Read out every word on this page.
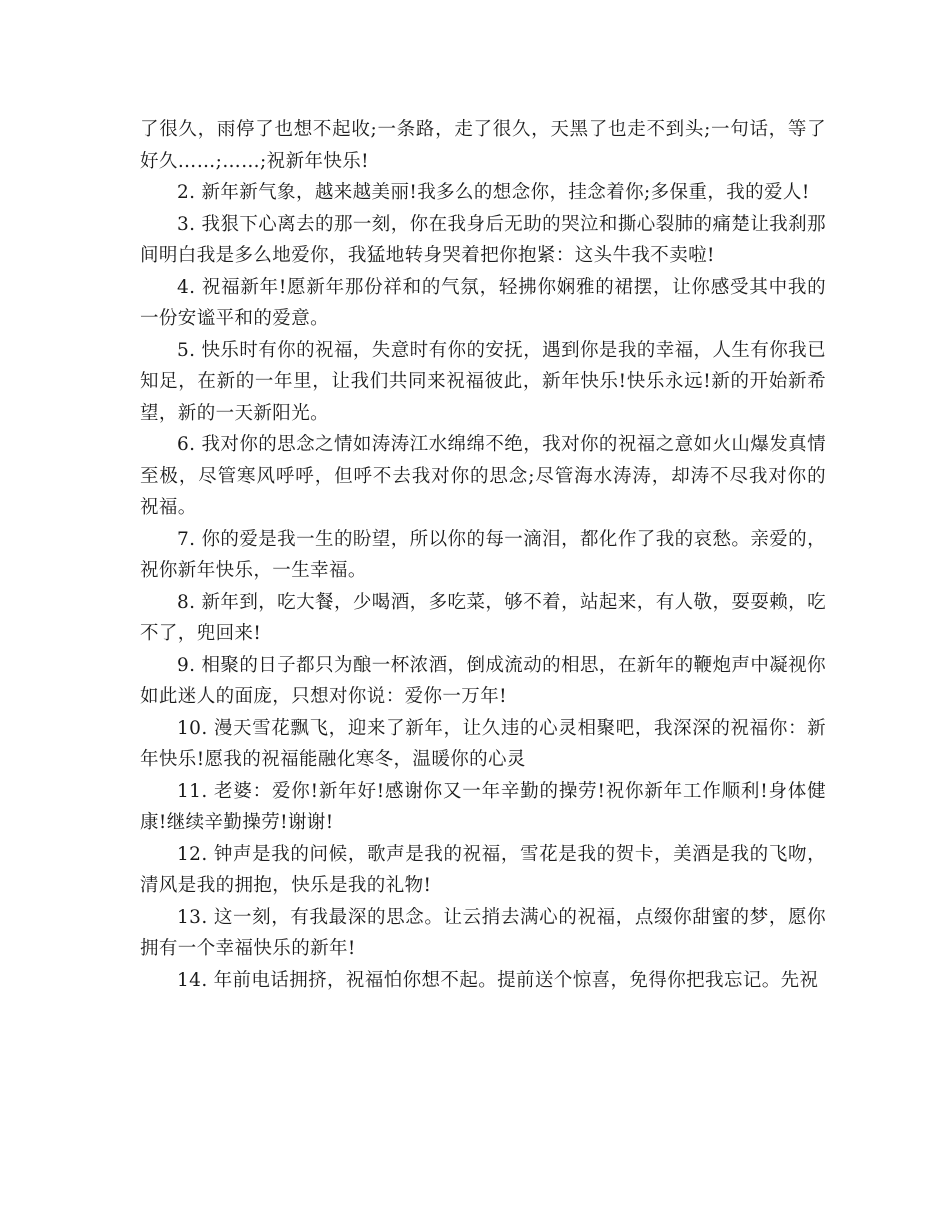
了很久，雨停了也想不起收;一条路，走了很久，天黑了也走不到头;一句话，等了好久……;……;祝新年快乐!

2. 新年新气象，越来越美丽!我多么的想念你，挂念着你;多保重，我的爱人!

3. 我狠下心离去的那一刻，你在我身后无助的哭泣和撕心裂肺的痛楚让我刹那间明白我是多么地爱你，我猛地转身哭着把你抱紧：这头牛我不卖啦!

4. 祝福新年!愿新年那份祥和的气氛，轻拂你娴雅的裙摆，让你感受其中我的一份安谧平和的爱意。

5. 快乐时有你的祝福，失意时有你的安抚，遇到你是我的幸福，人生有你我已知足，在新的一年里，让我们共同来祝福彼此，新年快乐!快乐永远!新的开始新希望，新的一天新阳光。

6. 我对你的思念之情如涛涛江水绵绵不绝，我对你的祝福之意如火山爆发真情至极，尽管寒风呼呼，但呼不去我对你的思念;尽管海水涛涛，却涛不尽我对你的祝福。

7. 你的爱是我一生的盼望，所以你的每一滴泪，都化作了我的哀愁。亲爱的，祝你新年快乐，一生幸福。

8. 新年到，吃大餐，少喝酒，多吃菜，够不着，站起来，有人敬，耍耍赖，吃不了，兜回来!

9. 相聚的日子都只为酿一杯浓酒，倒成流动的相思，在新年的鞭炮声中凝视你如此迷人的面庞，只想对你说：爱你一万年!

10. 漫天雪花飘飞，迎来了新年，让久违的心灵相聚吧，我深深的祝福你：新年快乐!愿我的祝福能融化寒冬，温暖你的心灵

11. 老婆：爱你!新年好!感谢你又一年辛勤的操劳!祝你新年工作顺利!身体健康!继续辛勤操劳!谢谢!

12. 钟声是我的问候，歌声是我的祝福，雪花是我的贺卡，美酒是我的飞吻，清风是我的拥抱，快乐是我的礼物!

13. 这一刻，有我最深的思念。让云捎去满心的祝福，点缀你甜蜜的梦，愿你拥有一个幸福快乐的新年!

14. 年前电话拥挤，祝福怕你想不起。提前送个惊喜，免得你把我忘记。先祝
